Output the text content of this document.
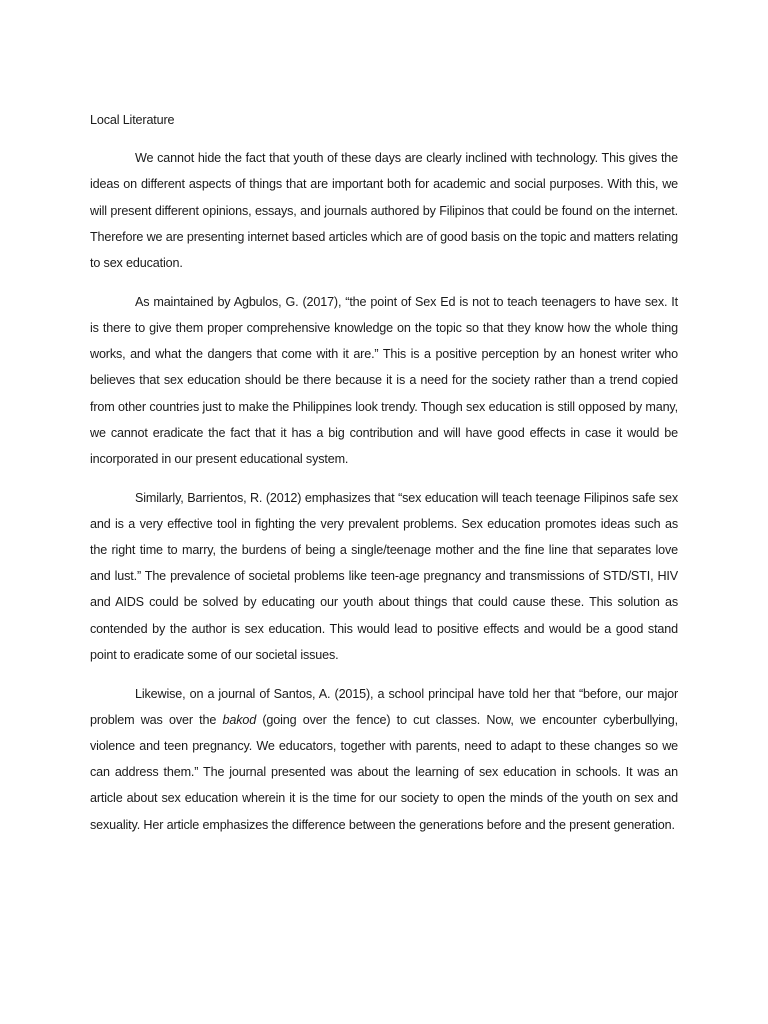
Local Literature

We cannot hide the fact that youth of these days are clearly inclined with technology. This gives the ideas on different aspects of things that are important both for academic and social purposes. With this, we will present different opinions, essays, and journals authored by Filipinos that could be found on the internet. Therefore we are presenting internet based articles which are of good basis on the topic and matters relating to sex education.

As maintained by Agbulos, G. (2017), “the point of Sex Ed is not to teach teenagers to have sex. It is there to give them proper comprehensive knowledge on the topic so that they know how the whole thing works, and what the dangers that come with it are.” This is a positive perception by an honest writer who believes that sex education should be there because it is a need for the society rather than a trend copied from other countries just to make the Philippines look trendy. Though sex education is still opposed by many, we cannot eradicate the fact that it has a big contribution and will have good effects in case it would be incorporated in our present educational system.

Similarly, Barrientos, R. (2012) emphasizes that “sex education will teach teenage Filipinos safe sex and is a very effective tool in fighting the very prevalent problems. Sex education promotes ideas such as the right time to marry, the burdens of being a single/teenage mother and the fine line that separates love and lust.” The prevalence of societal problems like teen-age pregnancy and transmissions of STD/STI, HIV and AIDS could be solved by educating our youth about things that could cause these. This solution as contended by the author is sex education. This would lead to positive effects and would be a good stand point to eradicate some of our societal issues.

Likewise, on a journal of Santos, A. (2015), a school principal have told her that “before, our major problem was over the bakod (going over the fence) to cut classes. Now, we encounter cyberbullying, violence and teen pregnancy. We educators, together with parents, need to adapt to these changes so we can address them.” The journal presented was about the learning of sex education in schools. It was an article about sex education wherein it is the time for our society to open the minds of the youth on sex and sexuality. Her article emphasizes the difference between the generations before and the present generation.
